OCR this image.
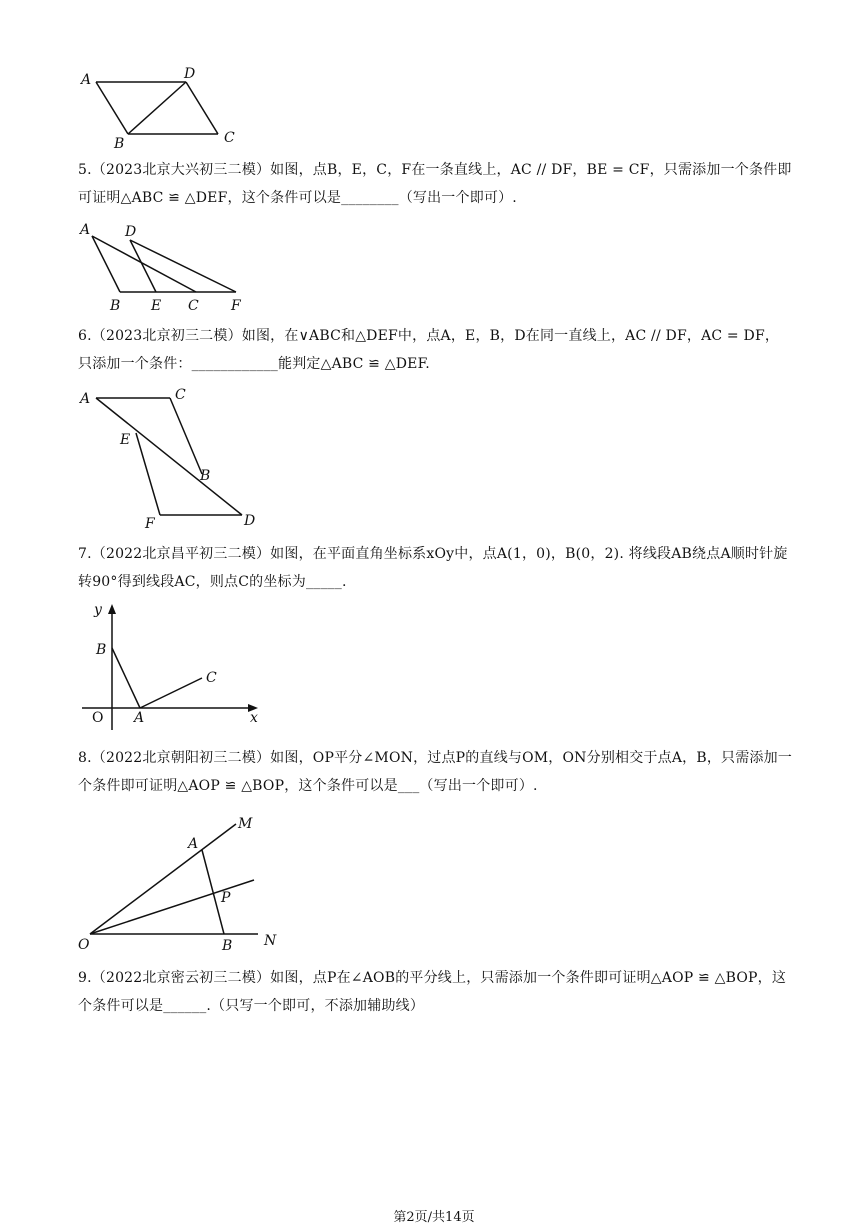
A	D
B	C
5.（2023北京大兴初三二模）如图，点B，E，C，F在一条直线上，AC // DF，BE = CF，只需添加一个条件即可证明△ABC ≌ △DEF，这个条件可以是________（写出一个即可）.
A D
B E C F
6.（2023北京初三二模）如图，在∨ABC和△DEF中，点A，E，B，D在同一直线上，AC // DF，AC = DF，只添加一个条件：____________能判定△ABC ≌ △DEF.
A	C
E
B
F	D
7.（2022北京昌平初三二模）如图，在平面直角坐标系xOy中，点A(1，0)，B(0，2). 将线段AB绕点A顺时针旋转90°得到线段AC，则点C的坐标为_____.
y
B
C
O A	x
8.（2022北京朝阳初三二模）如图，OP平分∠MON，过点P的直线与OM，ON分别相交于点A，B，只需添加一个条件即可证明△AOP ≌ △BOP，这个条件可以是___（写出一个即可）.
M
A
P
O	B N
9.（2022北京密云初三二模）如图，点P在∠AOB的平分线上，只需添加一个条件即可证明△AOP ≌ △BOP，这个条件可以是______.（只写一个即可，不添加辅助线）
第2页/共14页
